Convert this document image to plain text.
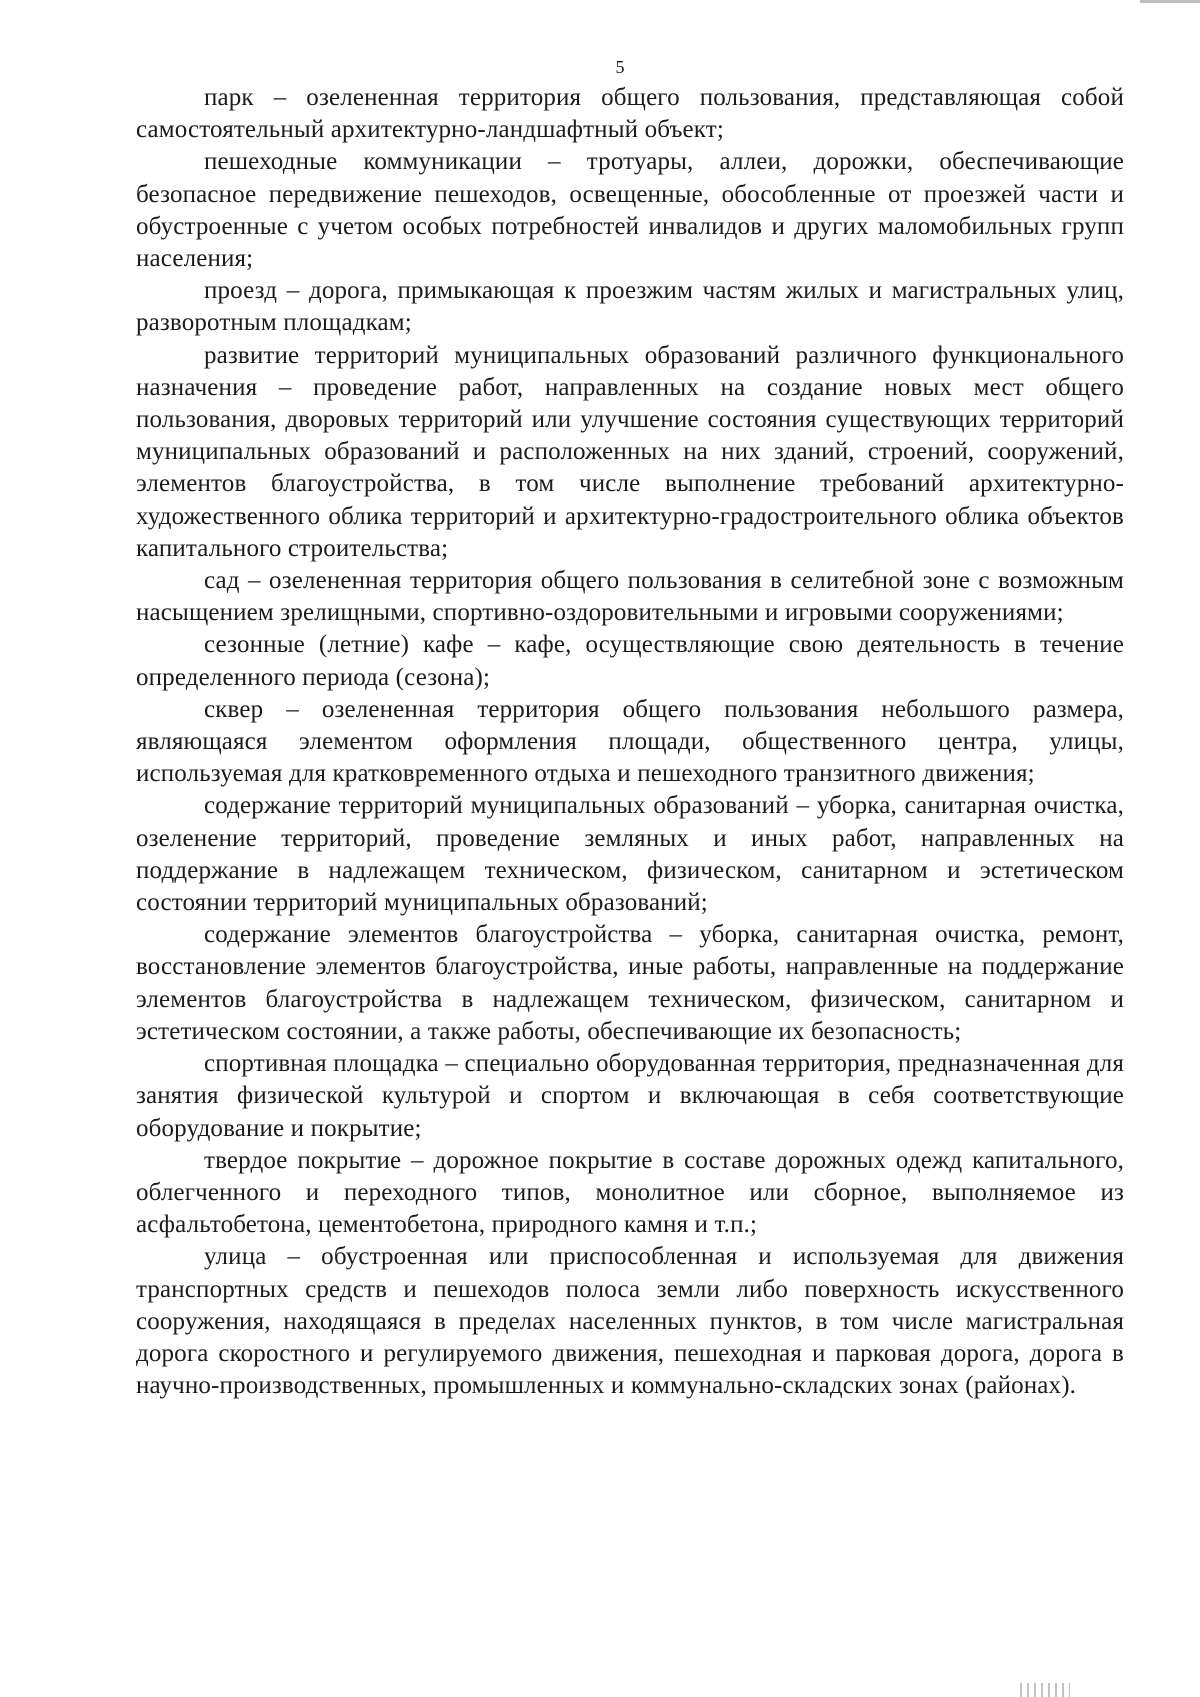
5

парк – озелененная территория общего пользования, представляющая собой самостоятельный архитектурно-ландшафтный объект;

пешеходные коммуникации – тротуары, аллеи, дорожки, обеспечивающие безопасное передвижение пешеходов, освещенные, обособленные от проезжей части и обустроенные с учетом особых потребностей инвалидов и других маломобильных групп населения;

проезд – дорога, примыкающая к проезжим частям жилых и магистральных улиц, разворотным площадкам;

развитие территорий муниципальных образований различного функционального назначения – проведение работ, направленных на создание новых мест общего пользования, дворовых территорий или улучшение состояния существующих территорий муниципальных образований и расположенных на них зданий, строений, сооружений, элементов благоустройства, в том числе выполнение требований архитектурно-художественного облика территорий и архитектурно-градостроительного облика объектов капитального строительства;

сад – озелененная территория общего пользования в селитебной зоне с возможным насыщением зрелищными, спортивно-оздоровительными и игровыми сооружениями;

сезонные (летние) кафе – кафе, осуществляющие свою деятельность в течение определенного периода (сезона);

сквер – озелененная территория общего пользования небольшого размера, являющаяся элементом оформления площади, общественного центра, улицы, используемая для кратковременного отдыха и пешеходного транзитного движения;

содержание территорий муниципальных образований – уборка, санитарная очистка, озеленение территорий, проведение земляных и иных работ, направленных на поддержание в надлежащем техническом, физическом, санитарном и эстетическом состоянии территорий муниципальных образований;

содержание элементов благоустройства – уборка, санитарная очистка, ремонт, восстановление элементов благоустройства, иные работы, направленные на поддержание элементов благоустройства в надлежащем техническом, физическом, санитарном и эстетическом состоянии, а также работы, обеспечивающие их безопасность;

спортивная площадка – специально оборудованная территория, предназначенная для занятия физической культурой и спортом и включающая в себя соответствующие оборудование и покрытие;

твердое покрытие – дорожное покрытие в составе дорожных одежд капитального, облегченного и переходного типов, монолитное или сборное, выполняемое из асфальтобетона, цементобетона, природного камня и т.п.;

улица – обустроенная или приспособленная и используемая для движения транспортных средств и пешеходов полоса земли либо поверхность искусственного сооружения, находящаяся в пределах населенных пунктов, в том числе магистральная дорога скоростного и регулируемого движения, пешеходная и парковая дорога, дорога в научно-производственных, промышленных и коммунально-складских зонах (районах).
